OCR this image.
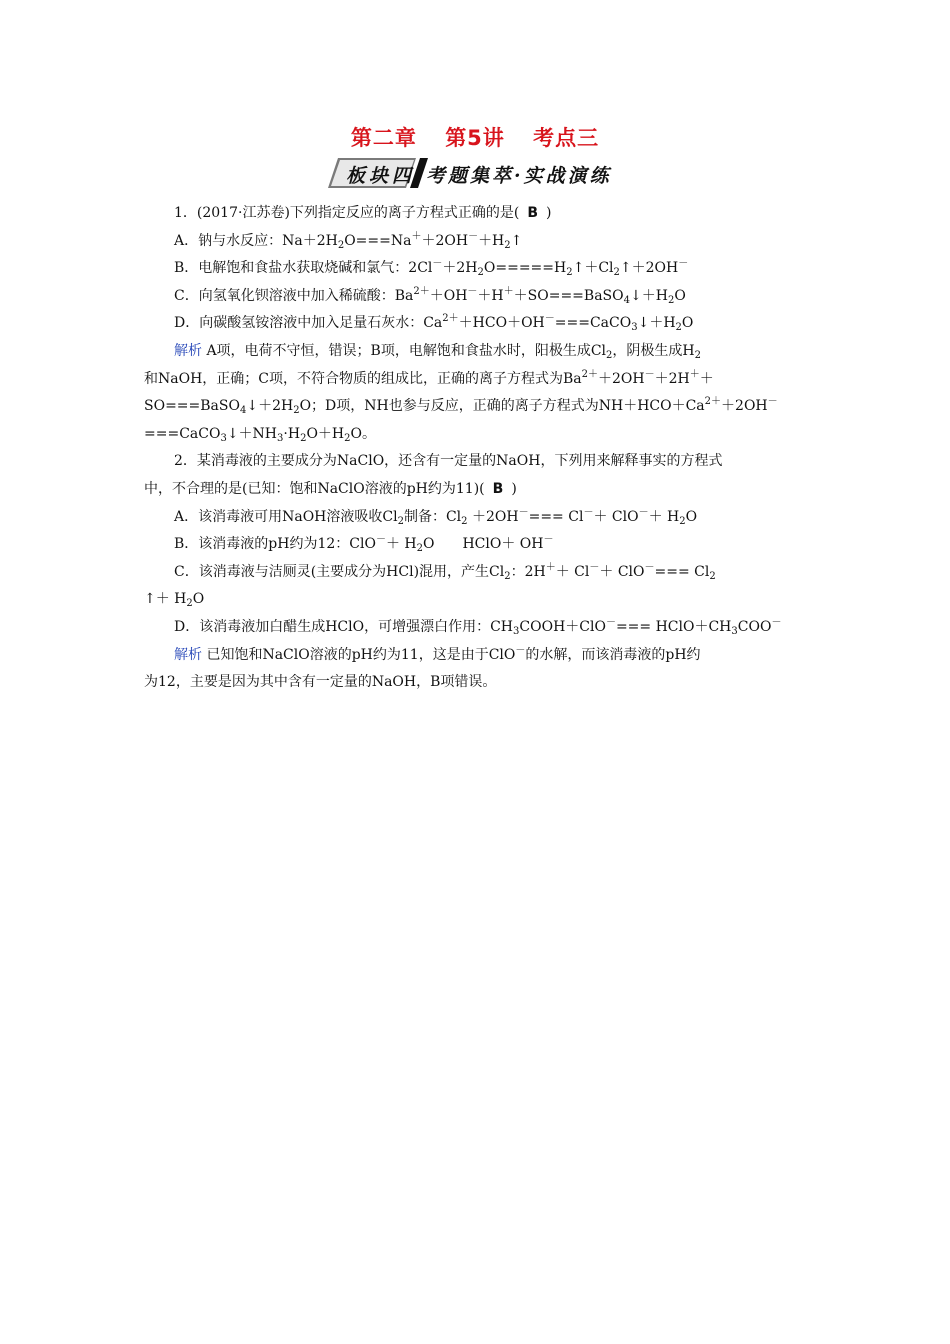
第二章 第5讲 考点三
板块四 考题集萃·实战演练

1．(2017·江苏卷)下列指定反应的离子方程式正确的是( B )

A．钠与水反应：$Na+2H_2O===Na^++2OH^-+H_2↑$

B．电解饱和食盐水获取烧碱和氯气：$2Cl^-+2H_2O=====H_2↑+Cl_2↑+2OH^-$

C．向氢氧化钡溶液中加入稀硫酸：$Ba^{2+}+OH^-+H^++SO===BaSO_4↓+H_2O$

D．向碳酸氢铵溶液中加入足量石灰水：$Ca^{2+}+HCO+OH^-===CaCO_3↓+H_2O$

解析 A项，电荷不守恒，错误；B项，电解饱和食盐水时，阳极生成$Cl_2$，阴极生成$H_2$

和NaOH，正确；C项，不符合物质的组成比，正确的离子方程式为$Ba^{2+}+2OH^-+2H^++$

$SO===BaSO_4↓+2H_2O$；D项，NH也参与反应，正确的离子方程式为$NH+HCO+Ca^{2+}+2OH^-$

$===CaCO_3↓+NH_3\cdot H_2O+H_2O$。

2．某消毒液的主要成分为NaClO，还含有一定量的NaOH，下列用来解释事实的方程式

中，不合理的是(已知：饱和NaClO溶液的pH约为11)( B )

A．该消毒液可用NaOH溶液吸收$Cl_2$制备：$Cl_2 +2OH^-=== Cl^-+ ClO^-+ H_2O$

B．该消毒液的pH约为12：$ClO^-+ H_2O$　　HClO＋ OH－

C．该消毒液与洁厕灵(主要成分为HCl)混用，产生$Cl_2$：$2H^++ Cl^-+ ClO^-=== Cl_2$

↑＋ $H_2O$

D．该消毒液加白醋生成HClO，可增强漂白作用：$CH_3COOH+ClO^-===$ $HClO+CH_3COO^-$

解析 已知饱和NaClO溶液的pH约为11，这是由于ClO－的水解，而该消毒液的pH约

为12，主要是因为其中含有一定量的NaOH，B项错误。
